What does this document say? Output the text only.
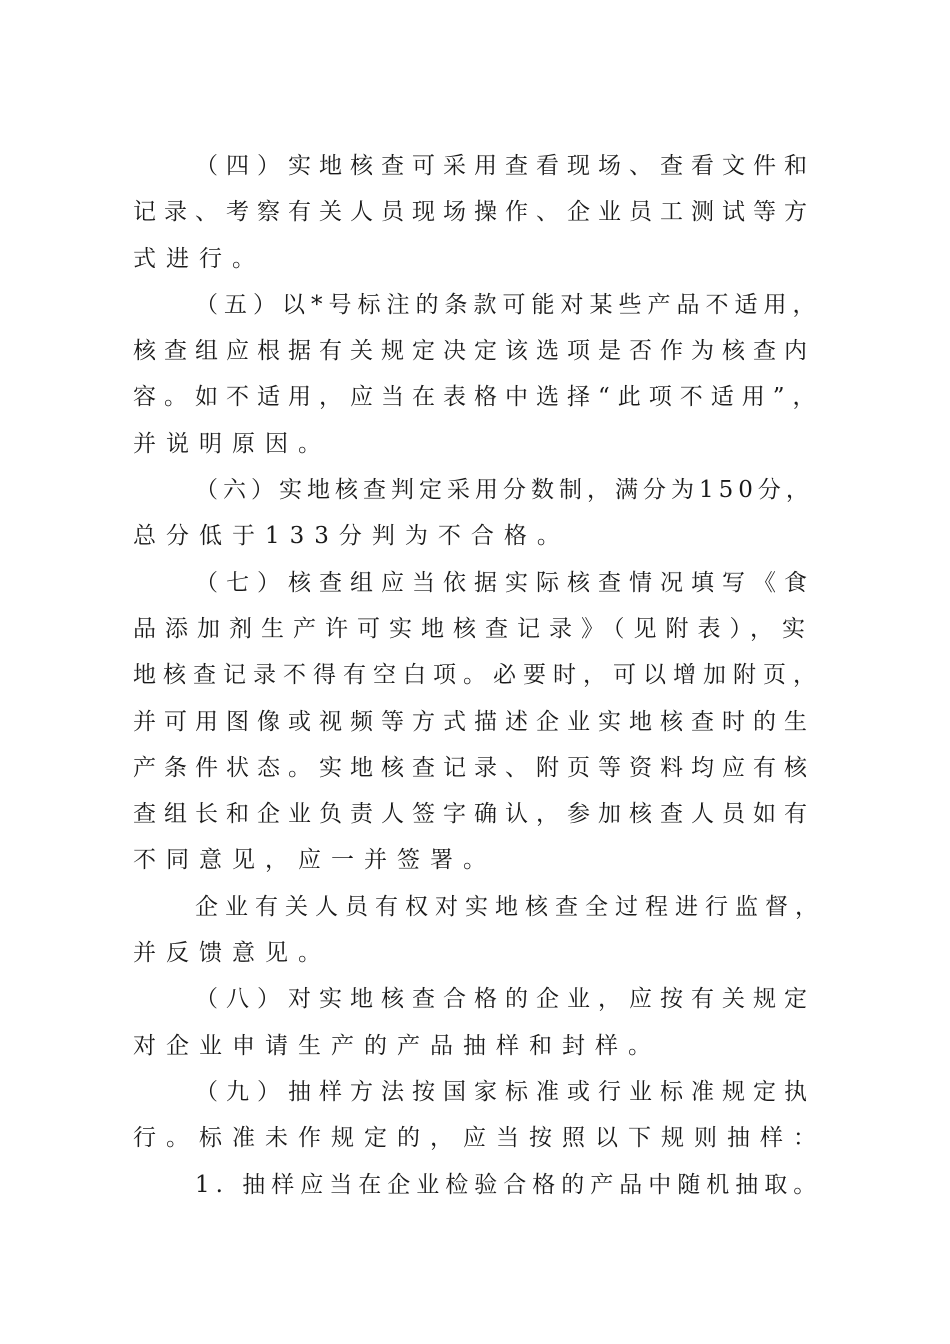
（四）实地核查可采用查看现场、查看文件和
记录、考察有关人员现场操作、企业员工测试等方
式进行。
（五）以*号标注的条款可能对某些产品不适用，
核查组应根据有关规定决定该选项是否作为核查内
容。如不适用，应当在表格中选择“此项不适用”，
并说明原因。
（六）实地核查判定采用分数制，满分为150分，
总分低于133分判为不合格。
（七）核查组应当依据实际核查情况填写《食
品添加剂生产许可实地核查记录》（见附表），实
地核查记录不得有空白项。必要时，可以增加附页，
并可用图像或视频等方式描述企业实地核查时的生
产条件状态。实地核查记录、附页等资料均应有核
查组长和企业负责人签字确认，参加核查人员如有
不同意见，应一并签署。
企业有关人员有权对实地核查全过程进行监督，
并反馈意见。
（八）对实地核查合格的企业，应按有关规定
对企业申请生产的产品抽样和封样。
（九）抽样方法按国家标准或行业标准规定执
行。标准未作规定的，应当按照以下规则抽样：
1. 抽样应当在企业检验合格的产品中随机抽取。
